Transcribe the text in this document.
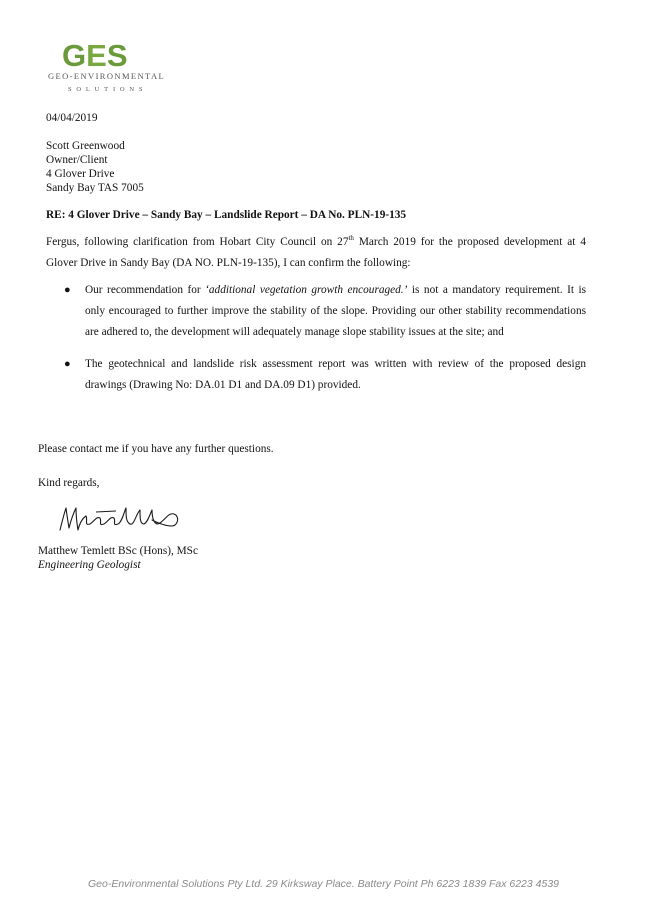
GES
GEO-ENVIRONMENTAL
SOLUTIONS
04/04/2019
Scott Greenwood
Owner/Client
4 Glover Drive
Sandy Bay TAS 7005
RE: 4 Glover Drive – Sandy Bay – Landslide Report – DA No. PLN-19-135
Fergus, following clarification from Hobart City Council on 27th March 2019 for the proposed development at 4 Glover Drive in Sandy Bay (DA NO. PLN-19-135), I can confirm the following:
● Our recommendation for ‘additional vegetation growth encouraged.’ is not a mandatory requirement. It is only encouraged to further improve the stability of the slope. Providing our other stability recommendations are adhered to, the development will adequately manage slope stability issues at the site; and
● The geotechnical and landslide risk assessment report was written with review of the proposed design drawings (Drawing No: DA.01 D1 and DA.09 D1) provided.
Please contact me if you have any further questions.
Kind regards,
Matthew Temlett BSc (Hons), MSc
Engineering Geologist
Geo-Environmental Solutions Pty Ltd. 29 Kirksway Place. Battery Point Ph 6223 1839 Fax 6223 4539
